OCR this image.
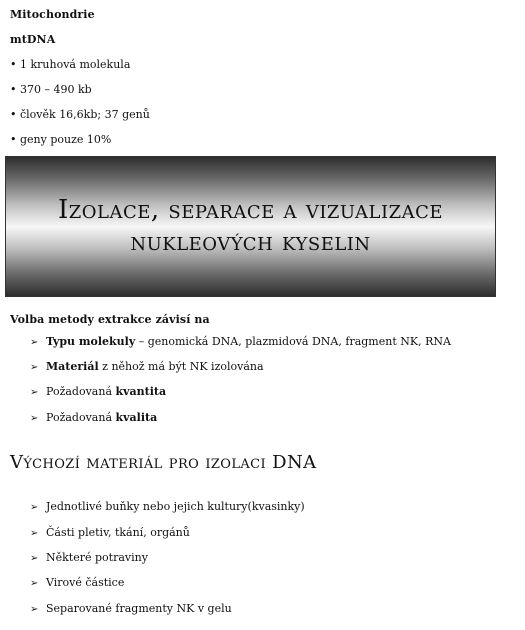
Mitochondrie
mtDNA
• 1 kruhová molekula
• 370 – 490 kb
• člověk 16,6kb; 37 genů
• geny pouze 10%
Izolace, separace a vizualizace
nukleových kyselin
Volba metody extrakce závisí na
➢ Typu molekuly – genomická DNA, plazmidová DNA, fragment NK, RNA
➢ Materiál z něhož má být NK izolována
➢ Požadovaná kvantita
➢ Požadovaná kvalita
Výchozí materiál pro izolaci DNA
➢ Jednotlivé buňky nebo jejich kultury(kvasinky)
➢ Části pletiv, tkání, orgánů
➢ Některé potraviny
➢ Virové částice
➢ Separované fragmenty NK v gelu
